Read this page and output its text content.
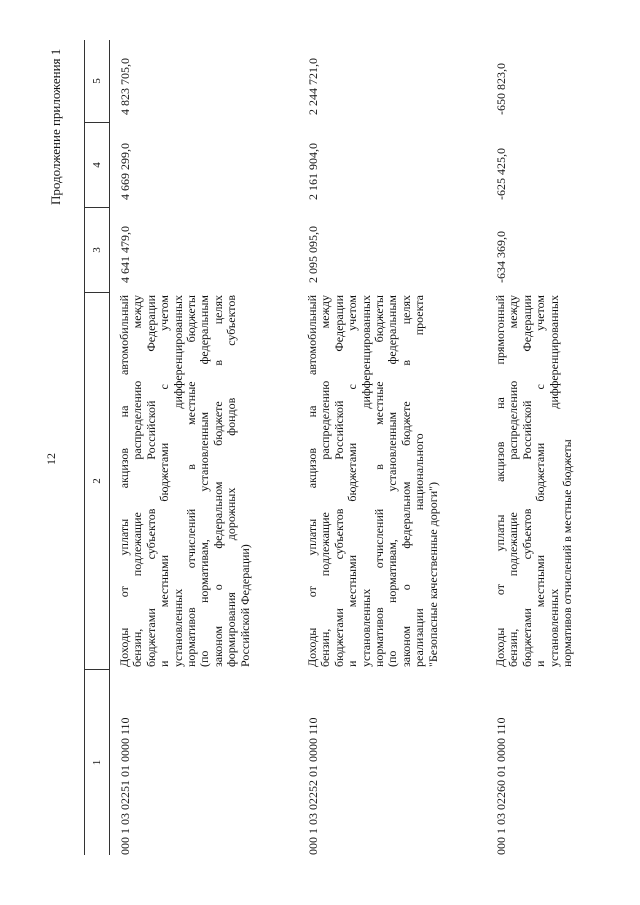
12
Продолжение приложения 1
1
2
3
4
5
000 1 03 02251 01 0000 110
Доходы от уплаты акцизов на автомобильный бензин, подлежащие распределению между бюджетами субъектов Российской Федерации и местными бюджетами с учетом установленных дифференцированных нормативов отчислений в местные бюджеты (по нормативам, установленным федеральным законом о федеральном бюджете в целях формирования дорожных фондов субъектов Российской Федерации)
4 641 479,0
4 669 299,0
4 823 705,0
000 1 03 02252 01 0000 110
Доходы от уплаты акцизов на автомобильный бензин, подлежащие распределению между бюджетами субъектов Российской Федерации и местными бюджетами с учетом установленных дифференцированных нормативов отчислений в местные бюджеты (по нормативам, установленным федеральным законом о федеральном бюджете в целях реализации национального проекта "Безопасные качественные дороги")
2 095 095,0
2 161 904,0
2 244 721,0
000 1 03 02260 01 0000 110
Доходы от уплаты акцизов на прямогонный бензин, подлежащие распределению между бюджетами субъектов Российской Федерации и местными бюджетами с учетом установленных дифференцированных нормативов отчислений в местные бюджеты
-634 369,0
-625 425,0
-650 823,0
